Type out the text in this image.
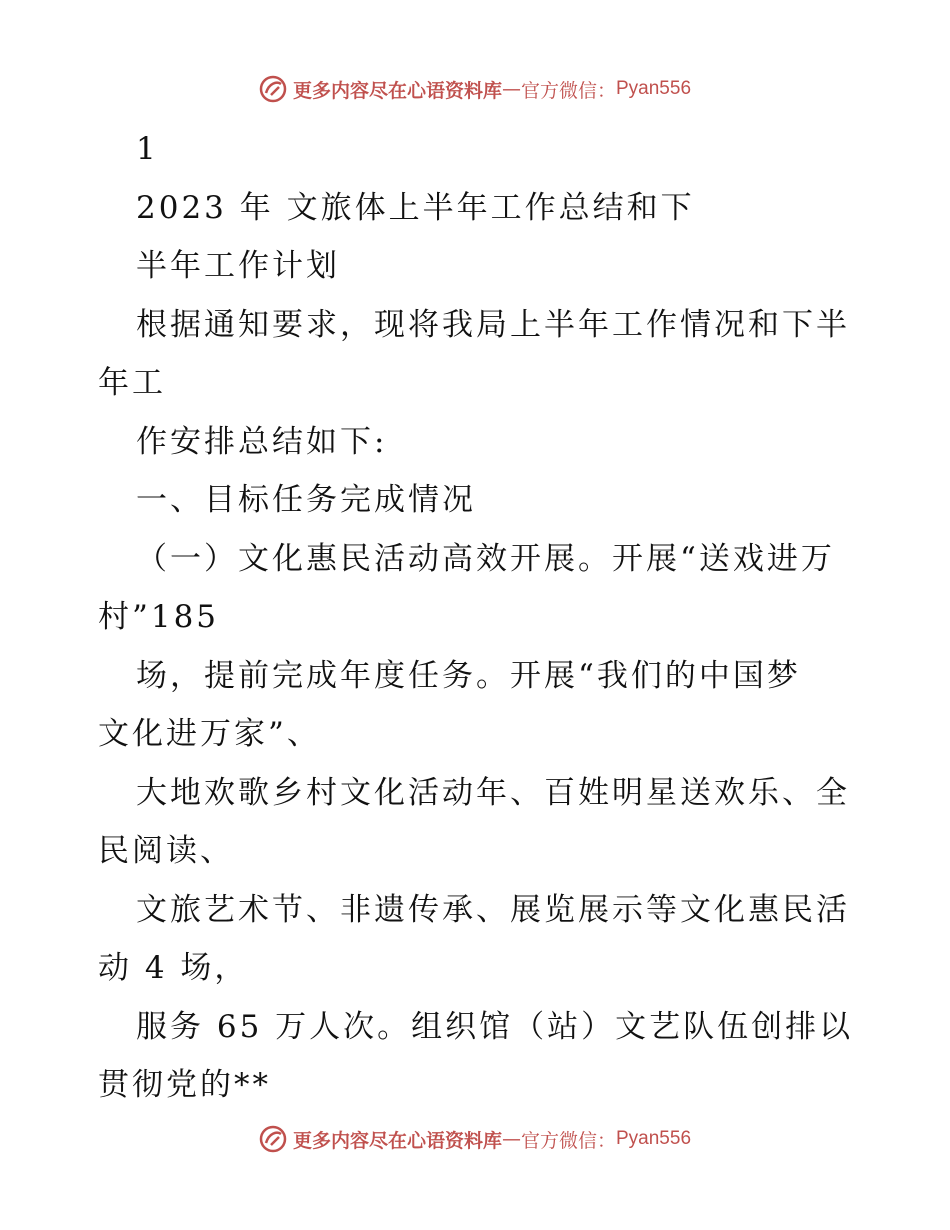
更多内容尽在心语资料库 — 官方微信： Pyan556
1
2023 年 文旅体上半年工作总结和下
半年工作计划
根据通知要求，现将我局上半年工作情况和下半
年工
作安排总结如下:
一、目标任务完成情况
（一）文化惠民活动高效开展。开展“送戏进万
村”185
场，提前完成年度任务。开展“我们的中国梦
文化进万家”、
大地欢歌乡村文化活动年、百姓明星送欢乐、全
民阅读、
文旅艺术节、非遗传承、展览展示等文化惠民活
动 4 场，
服务 65 万人次。组织馆（站）文艺队伍创排以
贯彻党的**
更多内容尽在心语资料库 — 官方微信： Pyan556
